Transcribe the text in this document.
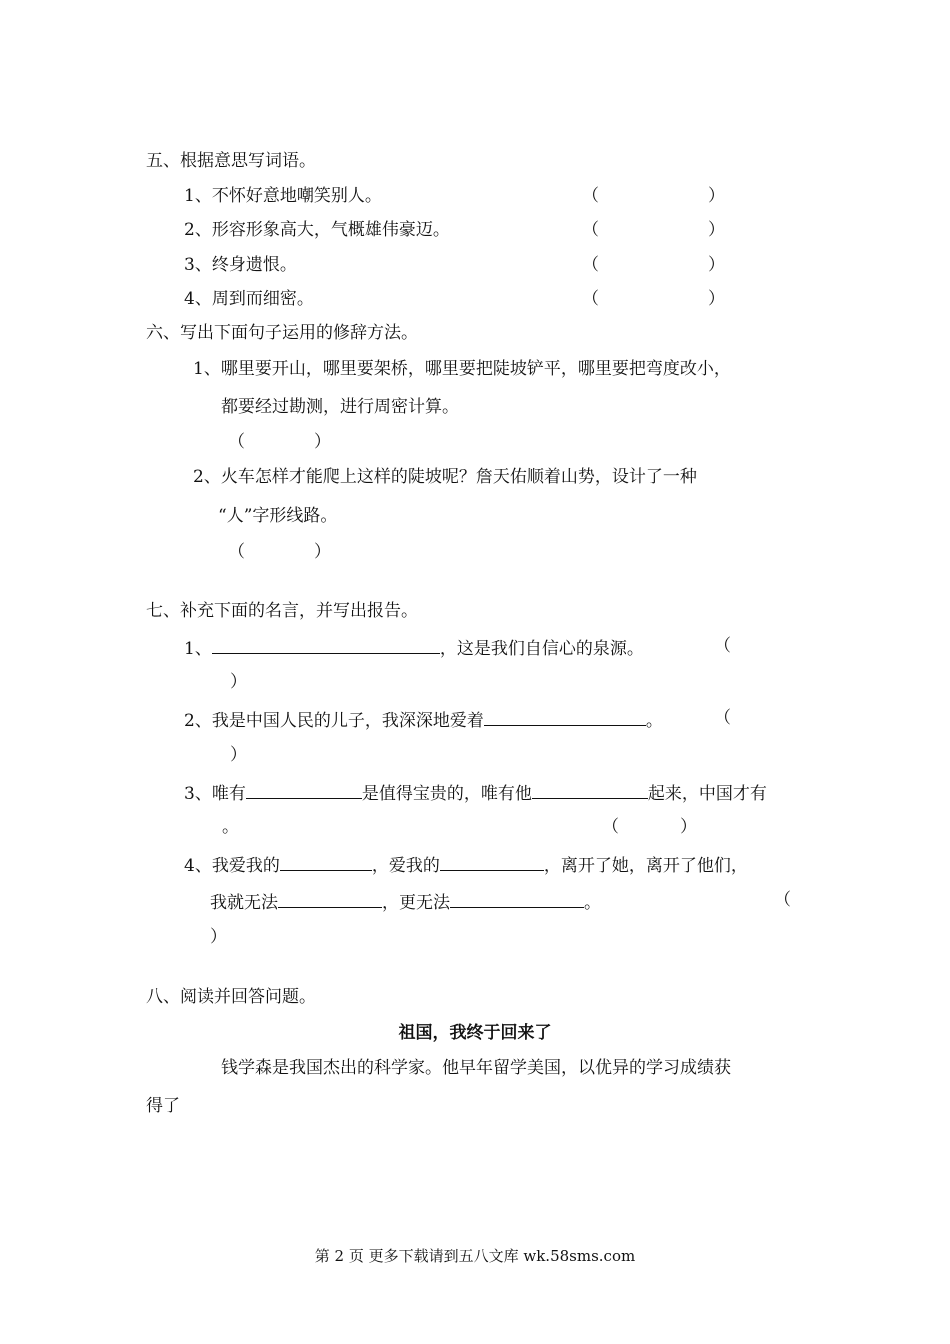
五、根据意思写词语。
1、不怀好意地嘲笑别人。	（	）
2、形容形象高大，气概雄伟豪迈。	（	）
3、终身遗恨。	（	）
4、周到而细密。	（	）
六、写出下面句子运用的修辞方法。
1、哪里要开山，哪里要架桥，哪里要把陡坡铲平，哪里要把弯度改小，
都要经过勘测，进行周密计算。
（	）
2、火车怎样才能爬上这样的陡坡呢？詹天佑顺着山势，设计了一种
“人”字形线路。
（	）
七、补充下面的名言，并写出报告。
1、	，这是我们自信心的泉源。	（
）
2、我是中国人民的儿子，我深深地爱着	。	（
）
3、唯有	是值得宝贵的，唯有他	起来，中国才有
。	（	）
4、我爱我的	，爱我的	，离开了她，离开了他们，
我就无法	，更无法	。	（
）
八、阅读并回答问题。
祖国，我终于回来了
钱学森是我国杰出的科学家。他早年留学美国，以优异的学习成绩获
得了
第 2 页 更多下载请到五八文库 wk.58sms.com
